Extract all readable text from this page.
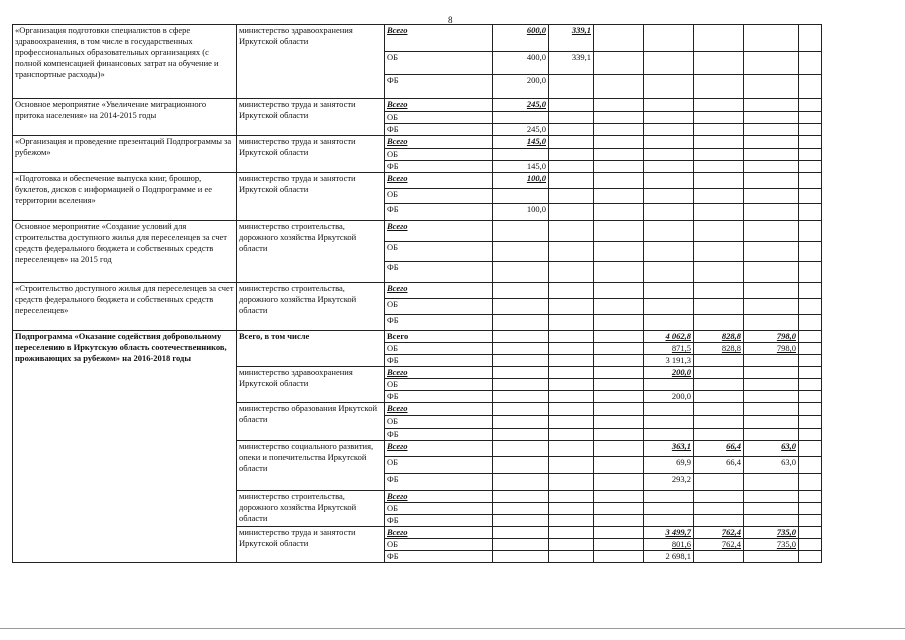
8
«Организация подготовки специалистов в сфере здравоохранения, в том числе в государственных профессиональных образовательных организациях (с полной компенсацией финансовых затрат на обучение и транспортные расходы)»	министерство здравоохранения Иркутской области	Всего	600,0	339,1					
		ОБ	400,0	339,1					
		ФБ	200,0						
Основное мероприятие «Увеличение миграционного притока населения» на 2014-2015 годы	министерство труда и занятости Иркутской области	Всего	245,0						
		ОБ							
		ФБ	245,0						
«Организация и проведение презентаций Подпрограммы за рубежом»	министерство труда и занятости Иркутской области	Всего	145,0						
		ОБ							
		ФБ	145,0						
«Подготовка и обеспечение выпуска книг, брошюр, буклетов, дисков с информацией о Подпрограмме и ее территории вселения»	министерство труда и занятости Иркутской области	Всего	100,0						
		ОБ							
		ФБ	100,0						
Основное мероприятие «Создание условий для строительства доступного жилья для переселенцев за счет средств федерального бюджета и собственных средств переселенцев» на 2015 год	министерство строительства, дорожного хозяйства Иркутской области	Всего							
		ОБ							
		ФБ							
«Строительство доступного жилья для переселенцев за счет средств федерального бюджета и собственных средств переселенцев»	министерство строительства, дорожного хозяйства Иркутской области	Всего							
		ОБ							
		ФБ							
Подпрограмма «Оказание содействия добровольному переселению в Иркутскую область соотечественников, проживающих за рубежом» на 2016-2018 годы	Всего, в том числе	Всего				4 062,8	828,8	798,0	
		ОБ				871,5	828,8	798,0	
		ФБ				3 191,3			
	министерство здравоохранения Иркутской области	Всего				200,0			
		ОБ							
		ФБ				200,0			
	министерство образования Иркутской области	Всего							
		ОБ							
		ФБ							
	министерство социального развития, опеки и попечительства Иркутской области	Всего				363,1	66,4	63,0	
		ОБ				69,9	66,4	63,0	
		ФБ				293,2			
	министерство строительства, дорожного хозяйства Иркутской области	Всего							
		ОБ							
		ФБ							
	министерство труда и занятости Иркутской области	Всего				3 499,7	762,4	735,0	
		ОБ				801,6	762,4	735,0	
		ФБ				2 698,1			
